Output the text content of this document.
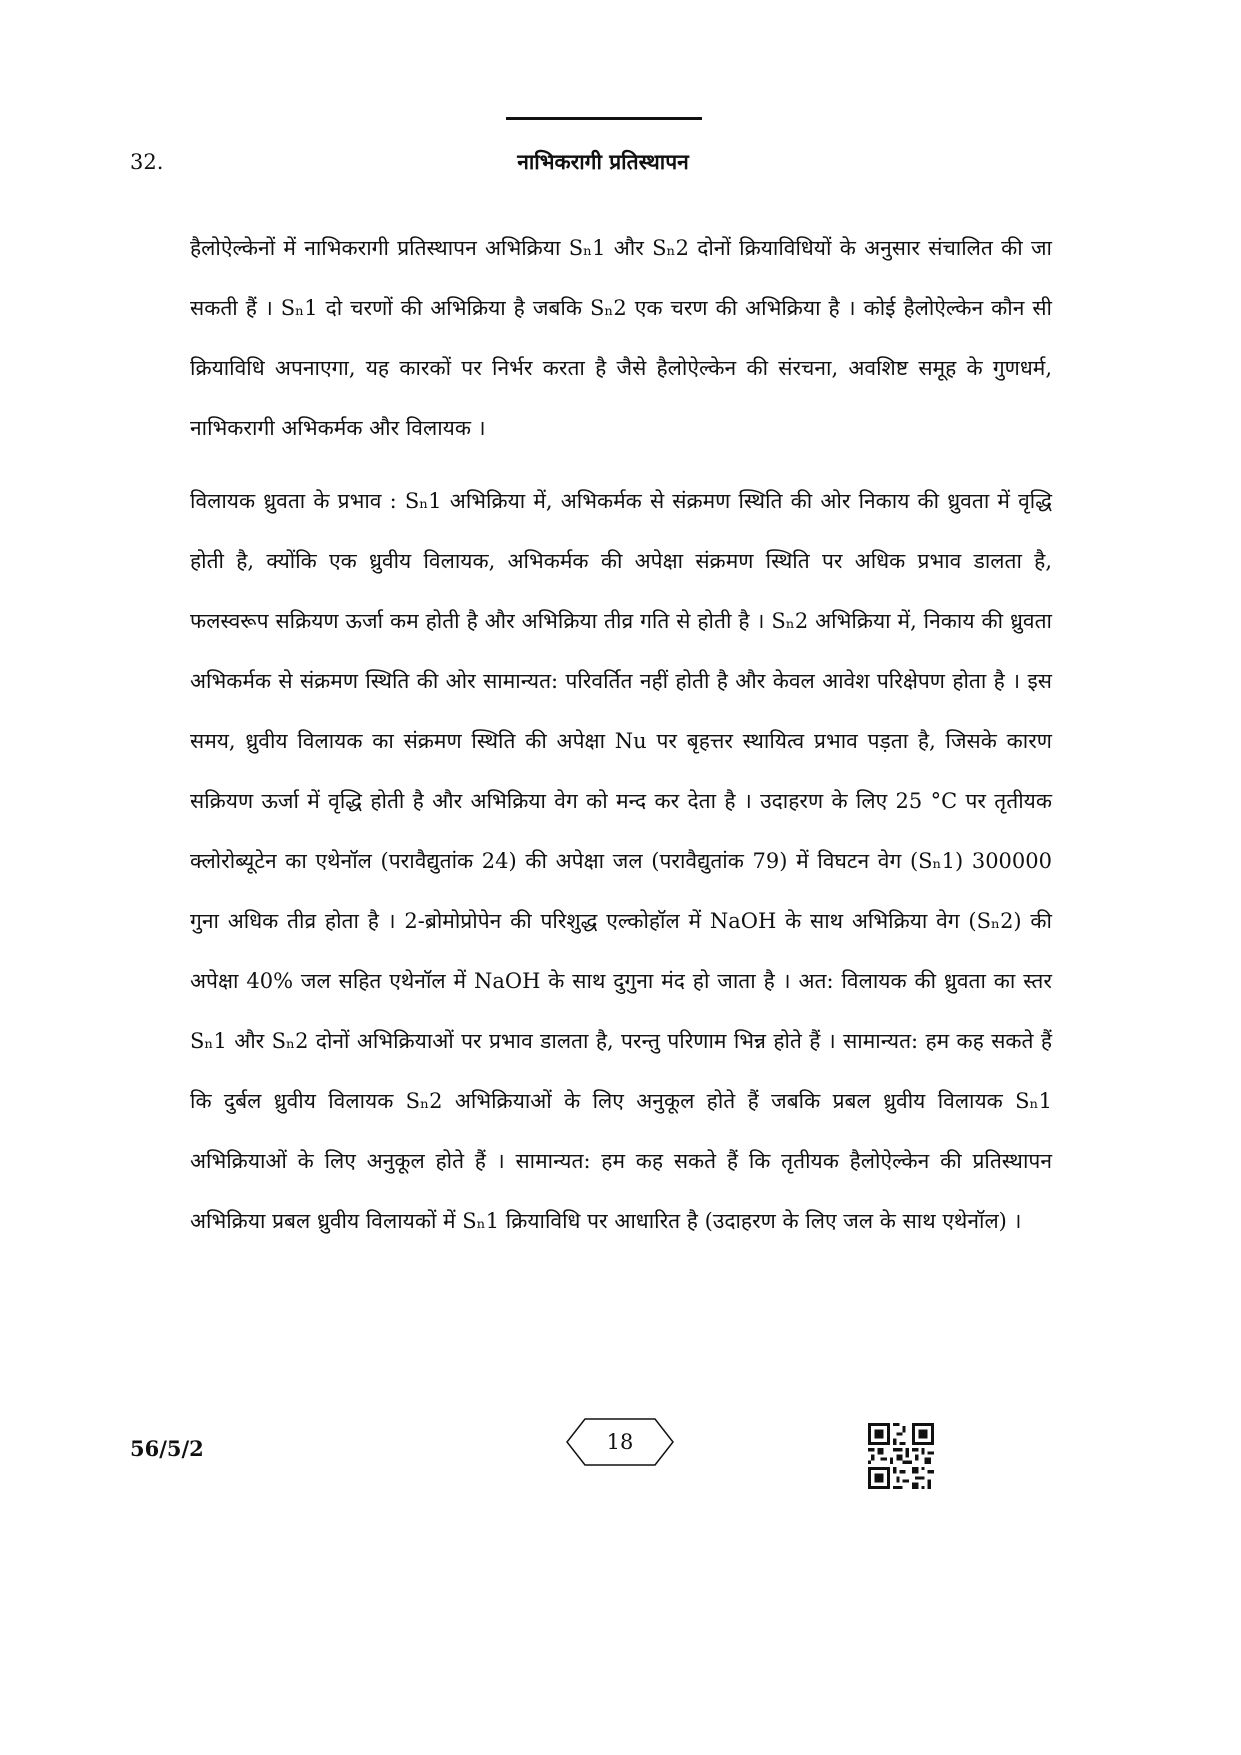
32.	नाभिकरागी प्रतिस्थापन

हैलोऐल्केनों में नाभिकरागी प्रतिस्थापन अभिक्रिया Sₙ​1 और Sₙ​2 दोनों क्रियाविधियों के अनुसार संचालित की जा सकती हैं । Sₙ​1 दो चरणों की अभिक्रिया है जबकि Sₙ​2 एक चरण की अभिक्रिया है । कोई हैलोऐल्केन कौन सी क्रियाविधि अपनाएगा, यह कारकों पर निर्भर करता है जैसे हैलोऐल्केन की संरचना, अवशिष्ट समूह के गुणधर्म, नाभिकरागी अभिकर्मक और विलायक ।

विलायक ध्रुवता के प्रभाव : Sₙ​1 अभिक्रिया में, अभिकर्मक से संक्रमण स्थिति की ओर निकाय की ध्रुवता में वृद्धि होती है, क्योंकि एक ध्रुवीय विलायक, अभिकर्मक की अपेक्षा संक्रमण स्थिति पर अधिक प्रभाव डालता है, फलस्वरूप सक्रियण ऊर्जा कम होती है और अभिक्रिया तीव्र गति से होती है । Sₙ​2 अभिक्रिया में, निकाय की ध्रुवता अभिकर्मक से संक्रमण स्थिति की ओर सामान्यत: परिवर्तित नहीं होती है और केवल आवेश परिक्षेपण होता है । इस समय, ध्रुवीय विलायक का संक्रमण स्थिति की अपेक्षा Nu पर बृहत्तर स्थायित्व प्रभाव पड़ता है, जिसके कारण सक्रियण ऊर्जा में वृद्धि होती है और अभिक्रिया वेग को मन्द कर देता है । उदाहरण के लिए 25 °C पर तृतीयक क्लोरोब्यूटेन का एथेनॉल (परावैद्युतांक 24) की अपेक्षा जल (परावैद्युतांक 79) में विघटन वेग (Sₙ​1) 300000 गुना अधिक तीव्र होता है । 2-ब्रोमोप्रोपेन की परिशुद्ध एल्कोहॉल में NaOH के साथ अभिक्रिया वेग (Sₙ​2) की अपेक्षा 40% जल सहित एथेनॉल में NaOH के साथ दुगुना मंद हो जाता है । अत: विलायक की ध्रुवता का स्तर Sₙ​1 और Sₙ​2 दोनों अभिक्रियाओं पर प्रभाव डालता है, परन्तु परिणाम भिन्न होते हैं । सामान्यत: हम कह सकते हैं कि दुर्बल ध्रुवीय विलायक Sₙ​2 अभिक्रियाओं के लिए अनुकूल होते हैं जबकि प्रबल ध्रुवीय विलायक Sₙ​1 अभिक्रियाओं के लिए अनुकूल होते हैं । सामान्यत: हम कह सकते हैं कि तृतीयक हैलोऐल्केन की प्रतिस्थापन अभिक्रिया प्रबल ध्रुवीय विलायकों में Sₙ​1 क्रियाविधि पर आधारित है (उदाहरण के लिए जल के साथ एथेनॉल) ।

56/5/2	18
